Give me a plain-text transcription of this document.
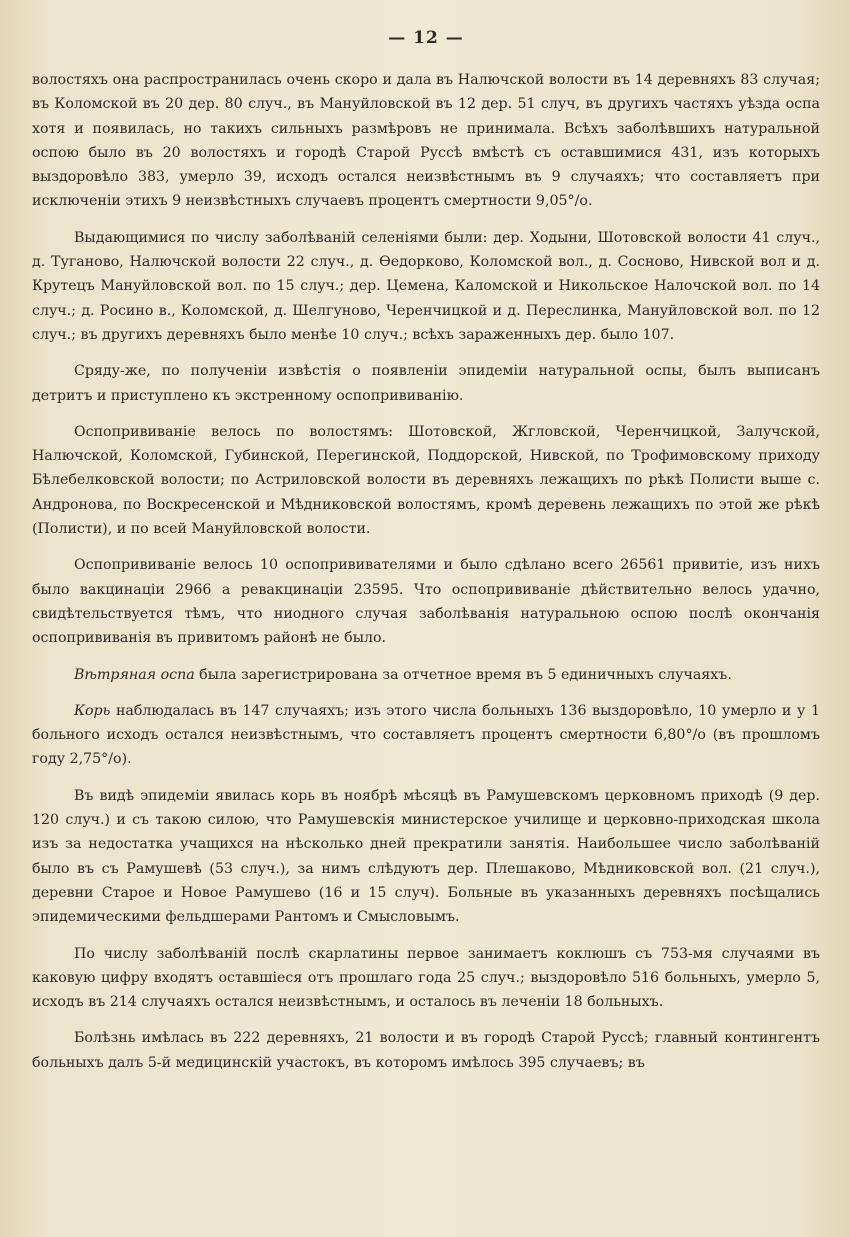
— 12 —

волостяхъ она распространилась очень скоро и дала въ Налючской волости въ 14 деревняхъ 83 случая; въ Коломской въ 20 дер. 80 случ., въ Мануйловской въ 12 дер. 51 случ, въ другихъ частяхъ уѣзда оспа хотя и появилась, но такихъ сильныхъ размѣровъ не принимала. Всѣхъ заболѣвшихъ натуральной оспою было въ 20 волостяхъ и городѣ Старой Руссѣ вмѣстѣ съ оставшимися 431, изъ которыхъ выздоровѣло 383, умерло 39, исходъ остался неизвѣстнымъ въ 9 случаяхъ; что составляетъ при исключеніи этихъ 9 неизвѣстныхъ случаевъ процентъ смертности 9,05°/о.

Выдающимися по числу заболѣваній селеніями были: дер. Ходыни, Шотовской волости 41 случ., д. Туганово, Налючской волости 22 случ., д. Ѳедорково, Коломской вол., д. Сосново, Нивской вол и д. Крутецъ Мануйловской вол. по 15 случ.; дер. Цемена, Каломской и Никольское Налочской вол. по 14 случ.; д. Росино в., Коломской, д. Шелгуново, Черенчицкой и д. Переслинка, Мануйловской вол. по 12 случ.; въ другихъ деревняхъ было менѣе 10 случ.; всѣхъ зараженныхъ дер. было 107.

Сряду-же, по полученіи извѣстія о появленіи эпидеміи натуральной оспы, былъ выписанъ детритъ и приступлено къ экстренному оспопрививанію.

Оспопрививаніе велось по волостямъ: Шотовской, Жгловской, Черенчицкой, Залучской, Налючской, Коломской, Губинской, Перегинской, Поддорской, Нивской, по Трофимовскому приходу Бѣлебелковской волости; по Астриловской волости въ деревняхъ лежащихъ по рѣкѣ Полисти выше с. Андронова, по Воскресенской и Мѣдниковской волостямъ, кромѣ деревень лежащихъ по этой же рѣкѣ (Полисти), и по всей Мануйловской волости.

Оспопрививаніе велось 10 оспопрививателями и было сдѣлано всего 26561 привитіе, изъ нихъ было вакцинаціи 2966 а ревакцинаціи 23595. Что оспопрививаніе дѣйствительно велось удачно, свидѣтельствуется тѣмъ, что ниодного случая заболѣванія натуральною оспою послѣ окончанія оспопрививанія въ привитомъ районѣ не было.

Вѣтряная оспа была зарегистрирована за отчетное время въ 5 единичныхъ случаяхъ.

Корь наблюдалась въ 147 случаяхъ; изъ этого числа больныхъ 136 выздоровѣло, 10 умерло и у 1 больного исходъ остался неизвѣстнымъ, что составляетъ процентъ смертности 6,80°/о (въ прошломъ году 2,75°/о).

Въ видѣ эпидеміи явилась корь въ ноябрѣ мѣсяцѣ въ Рамушевскомъ церковномъ приходѣ (9 дер. 120 случ.) и съ такою силою, что Рамушевскія министерское училище и церковно-приходская школа изъ за недостатка учащихся на нѣсколько дней прекратили занятія. Наибольшее число заболѣваній было въ съ Рамушевѣ (53 случ.), за нимъ слѣдуютъ дер. Плешаково, Мѣдниковской вол. (21 случ.), деревни Старое и Новое Рамушево (16 и 15 случ). Больные въ указанныхъ деревняхъ посѣщались эпидемическими фельдшерами Рантомъ и Смысловымъ.

По числу заболѣваній послѣ скарлатины первое занимаетъ коклюшъ съ 753-мя случаями въ каковую цифру входятъ оставшіеся отъ прошлаго года 25 случ.; выздоровѣло 516 больныхъ, умерло 5, исходъ въ 214 случаяхъ остался неизвѣстнымъ, и осталось въ леченіи 18 больныхъ.

Болѣзнь имѣлась въ 222 деревняхъ, 21 волости и въ городѣ Старой Руссѣ; главный контингентъ больныхъ далъ 5-й медицинскій участокъ, въ которомъ имѣлось 395 случаевъ; въ
